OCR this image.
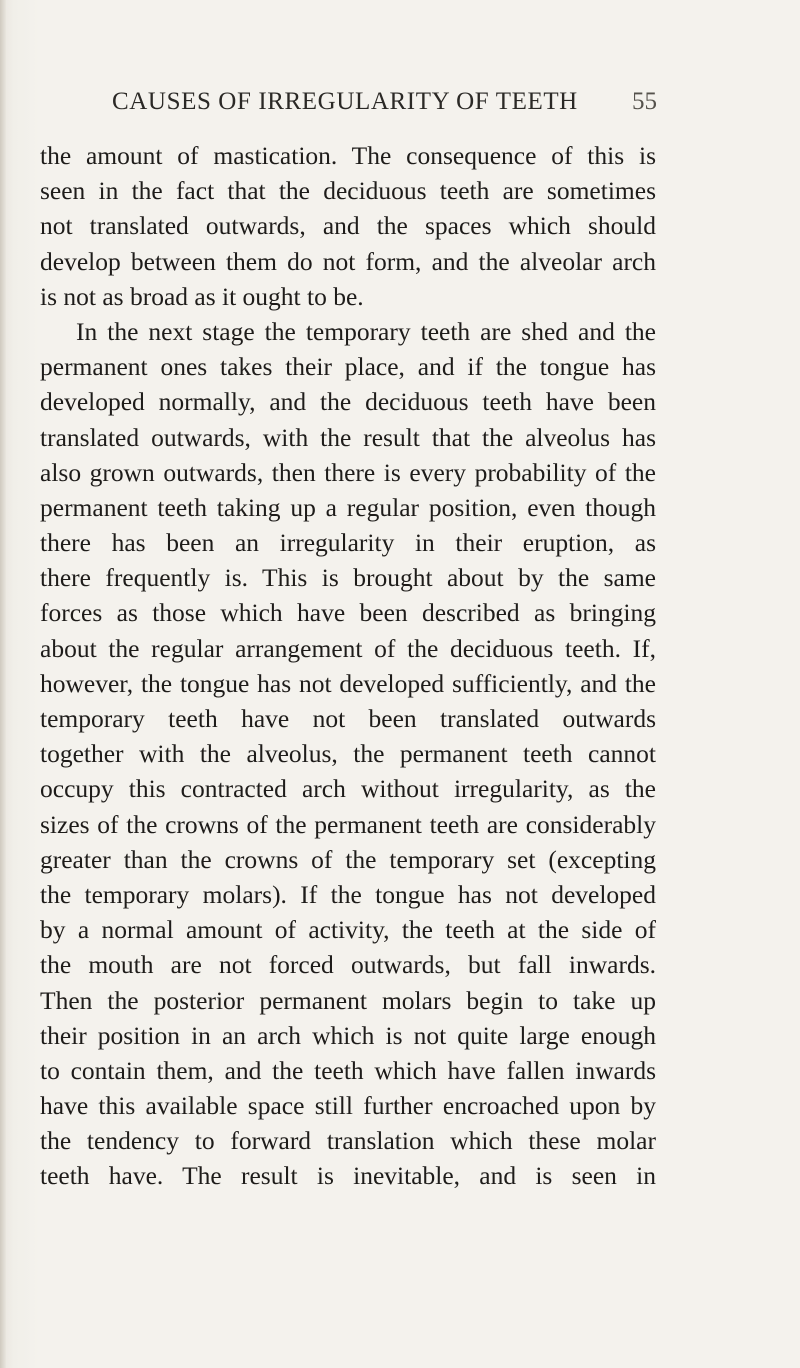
CAUSES OF IRREGULARITY OF TEETH 55
the amount of mastication. The consequence of this is
seen in the fact that the deciduous teeth are sometimes
not translated outwards, and the spaces which should
develop between them do not form, and the alveolar arch
is not as broad as it ought to be.
In the next stage the temporary teeth are shed and the
permanent ones takes their place, and if the tongue has
developed normally, and the deciduous teeth have been
translated outwards, with the result that the alveolus has
also grown outwards, then there is every probability of the
permanent teeth taking up a regular position, even though
there has been an irregularity in their eruption, as
there frequently is. This is brought about by the same
forces as those which have been described as bringing
about the regular arrangement of the deciduous teeth. If,
however, the tongue has not developed sufficiently, and the
temporary teeth have not been translated outwards
together with the alveolus, the permanent teeth cannot
occupy this contracted arch without irregularity, as the
sizes of the crowns of the permanent teeth are considerably
greater than the crowns of the temporary set (excepting
the temporary molars). If the tongue has not developed
by a normal amount of activity, the teeth at the side of
the mouth are not forced outwards, but fall inwards.
Then the posterior permanent molars begin to take up
their position in an arch which is not quite large enough
to contain them, and the teeth which have fallen inwards
have this available space still further encroached upon by
the tendency to forward translation which these molar
teeth have. The result is inevitable, and is seen in
